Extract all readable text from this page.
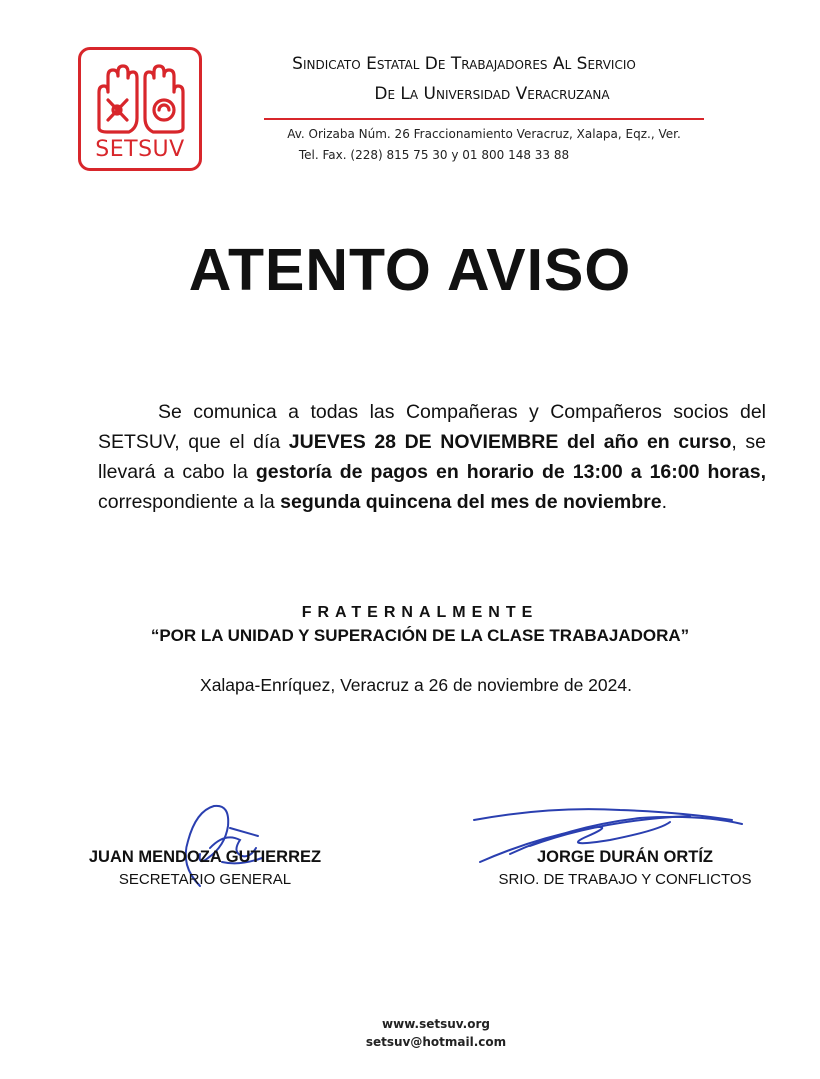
SETSUV
Sindicato Estatal De Trabajadores Al Servicio
De La Universidad Veracruzana
Av. Orizaba Núm. 26 Fraccionamiento Veracruz, Xalapa, Eqz., Ver.
Tel. Fax. (228) 815 75 30 y 01 800 148 33 88
ATENTO AVISO
Se comunica a todas las Compañeras y Compañeros socios del SETSUV, que el día JUEVES 28 DE NOVIEMBRE del año en curso, se llevará a cabo la gestoría de pagos en horario de 13:00 a 16:00 horas, correspondiente a la segunda quincena del mes de noviembre.
FRATERNALMENTE
“POR LA UNIDAD Y SUPERACIÓN DE LA CLASE TRABAJADORA”
Xalapa-Enríquez, Veracruz a 26 de noviembre de 2024.
JUAN MENDOZA GUTIERREZ
SECRETARIO GENERAL
JORGE DURÁN ORTÍZ
SRIO. DE TRABAJO Y CONFLICTOS
www.setsuv.org
setsuv@hotmail.com
